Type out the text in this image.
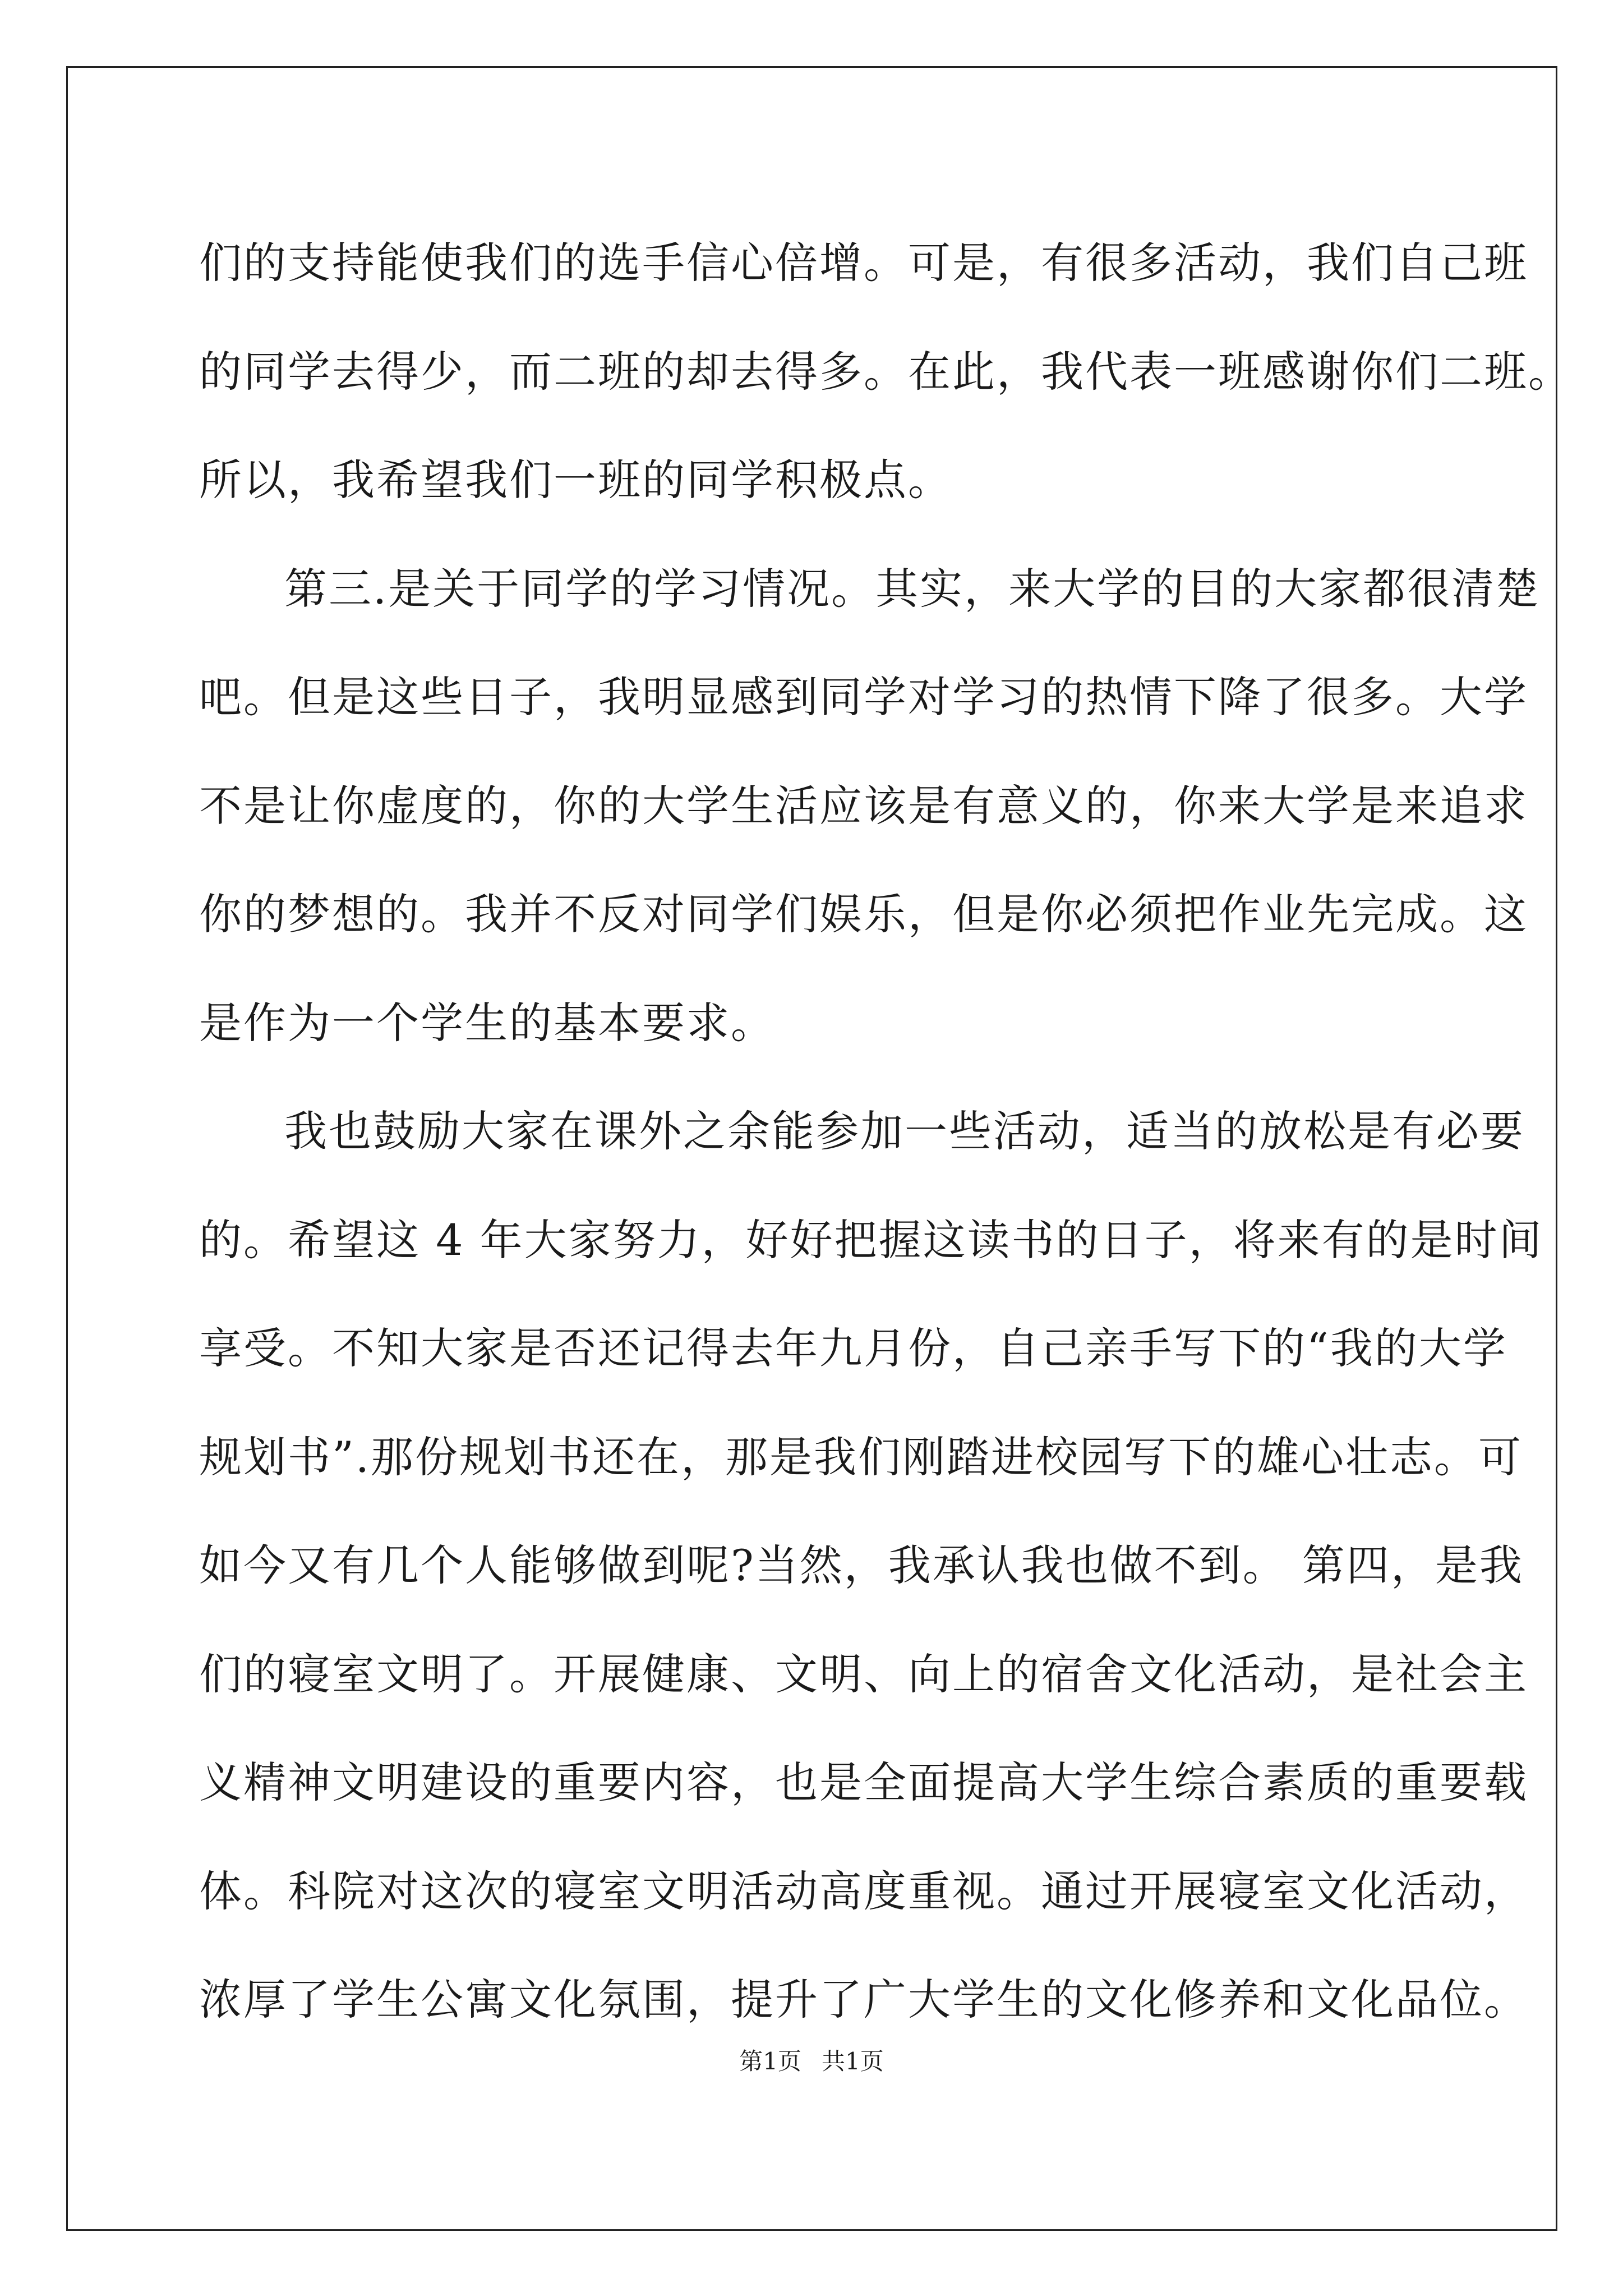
们的支持能使我们的选手信心倍增。可是，有很多活动，我们自己班
的同学去得少，而二班的却去得多。在此，我代表一班感谢你们二班。
所以，我希望我们一班的同学积极点。
第三.是关于同学的学习情况。其实，来大学的目的大家都很清楚
吧。但是这些日子，我明显感到同学对学习的热情下降了很多。大学
不是让你虚度的，你的大学生活应该是有意义的，你来大学是来追求
你的梦想的。我并不反对同学们娱乐，但是你必须把作业先完成。这
是作为一个学生的基本要求。
我也鼓励大家在课外之余能参加一些活动，适当的放松是有必要
的。希望这 4 年大家努力，好好把握这读书的日子，将来有的是时间
享受。不知大家是否还记得去年九月份，自己亲手写下的“我的大学
规划书”.那份规划书还在，那是我们刚踏进校园写下的雄心壮志。可
如今又有几个人能够做到呢?当然，我承认我也做不到。 第四，是我
们的寝室文明了。开展健康、文明、向上的宿舍文化活动，是社会主
义精神文明建设的重要内容，也是全面提高大学生综合素质的重要载
体。科院对这次的寝室文明活动高度重视。通过开展寝室文化活动，
浓厚了学生公寓文化氛围，提升了广大学生的文化修养和文化品位。
第1页 共1页
